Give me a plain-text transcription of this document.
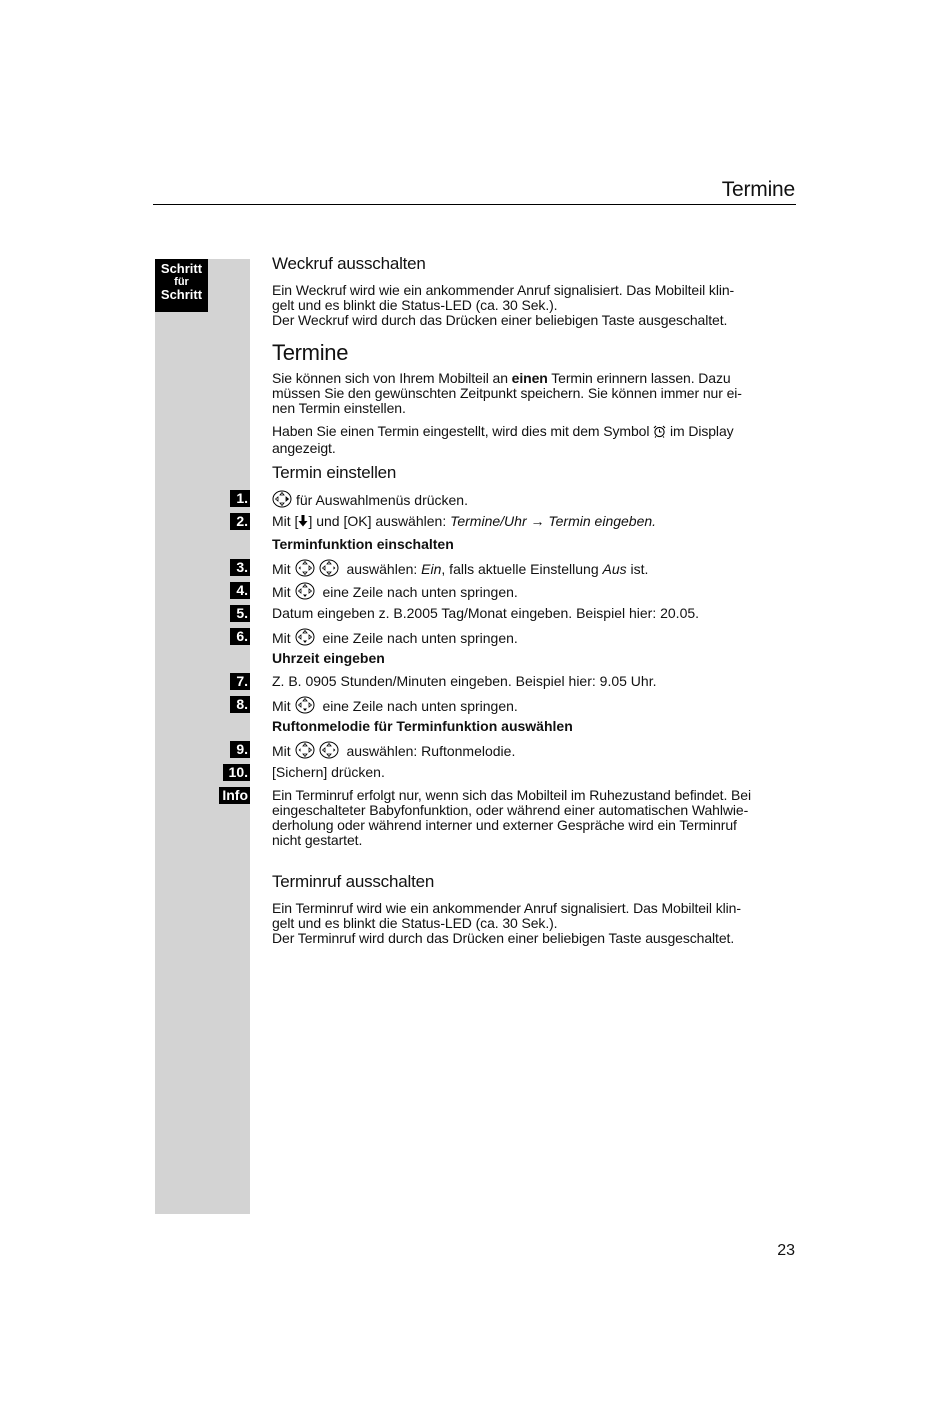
Termine
Schritt
für
Schritt
Weckruf ausschalten
Ein Weckruf wird wie ein ankommender Anruf signalisiert. Das Mobilteil klin-
gelt und es blinkt die Status-LED (ca. 30 Sek.).
Der Weckruf wird durch das Drücken einer beliebigen Taste ausgeschaltet.
Termine
Sie können sich von Ihrem Mobilteil an einen Termin erinnern lassen. Dazu
müssen Sie den gewünschten Zeitpunkt speichern. Sie können immer nur ei-
nen Termin einstellen.
Haben Sie einen Termin eingestellt, wird dies mit dem Symbol  im Display
angezeigt.
Termin einstellen
1.
2.
3.
4.
5.
6.
7.
8.
9.
10.
Info
für Auswahlmenüs drücken.
Mit [ ] und [OK] auswählen: Termine/Uhr → Termin eingeben.
Terminfunktion einschalten
Mit	auswählen: Ein, falls aktuelle Einstellung Aus ist.
Mit  eine Zeile nach unten springen.
Datum eingeben z. B.2005 Tag/Monat eingeben. Beispiel hier: 20.05.
Mit  eine Zeile nach unten springen.
Uhrzeit eingeben
Z. B. 0905 Stunden/Minuten eingeben. Beispiel hier: 9.05 Uhr.
Mit  eine Zeile nach unten springen.
Ruftonmelodie für Terminfunktion auswählen
Mit	auswählen: Ruftonmelodie.
[Sichern] drücken.
Ein Terminruf erfolgt nur, wenn sich das Mobilteil im Ruhezustand befindet. Bei
eingeschalteter Babyfonfunktion, oder während einer automatischen Wahlwie-
derholung oder während interner und externer Gespräche wird ein Terminruf
nicht gestartet.
Terminruf ausschalten
Ein Terminruf wird wie ein ankommender Anruf signalisiert. Das Mobilteil klin-
gelt und es blinkt die Status-LED (ca. 30 Sek.).
Der Terminruf wird durch das Drücken einer beliebigen Taste ausgeschaltet.
23
